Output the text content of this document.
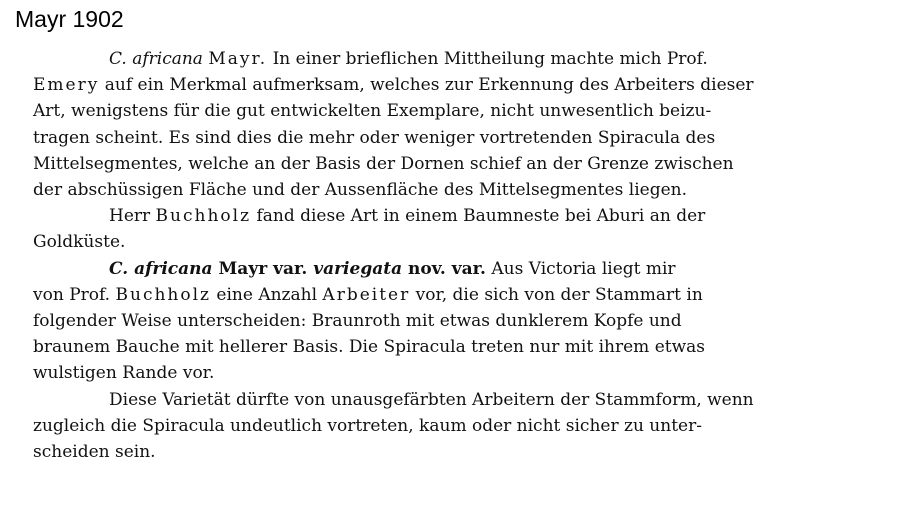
Mayr 1902

C. africana Mayr. In einer brieflichen Mittheilung machte mich Prof.
Emery auf ein Merkmal aufmerksam, welches zur Erkennung des Arbeiters dieser
Art, wenigstens für die gut entwickelten Exemplare, nicht unwesentlich beizu-
tragen scheint. Es sind dies die mehr oder weniger vortretenden Spiracula des
Mittelsegmentes, welche an der Basis der Dornen schief an der Grenze zwischen
der abschüssigen Fläche und der Aussenfläche des Mittelsegmentes liegen.

Herr Buchholz fand diese Art in einem Baumneste bei Aburi an der
Goldküste.

C. africana Mayr var. variegata nov. var. Aus Victoria liegt mir
von Prof. Buchholz eine Anzahl Arbeiter vor, die sich von der Stammart in
folgender Weise unterscheiden: Braunroth mit etwas dunklerem Kopfe und
braunem Bauche mit hellerer Basis. Die Spiracula treten nur mit ihrem etwas
wulstigen Rande vor.

Diese Varietät dürfte von unausgefärbten Arbeitern der Stammform, wenn
zugleich die Spiracula undeutlich vortreten, kaum oder nicht sicher zu unter-
scheiden sein.
